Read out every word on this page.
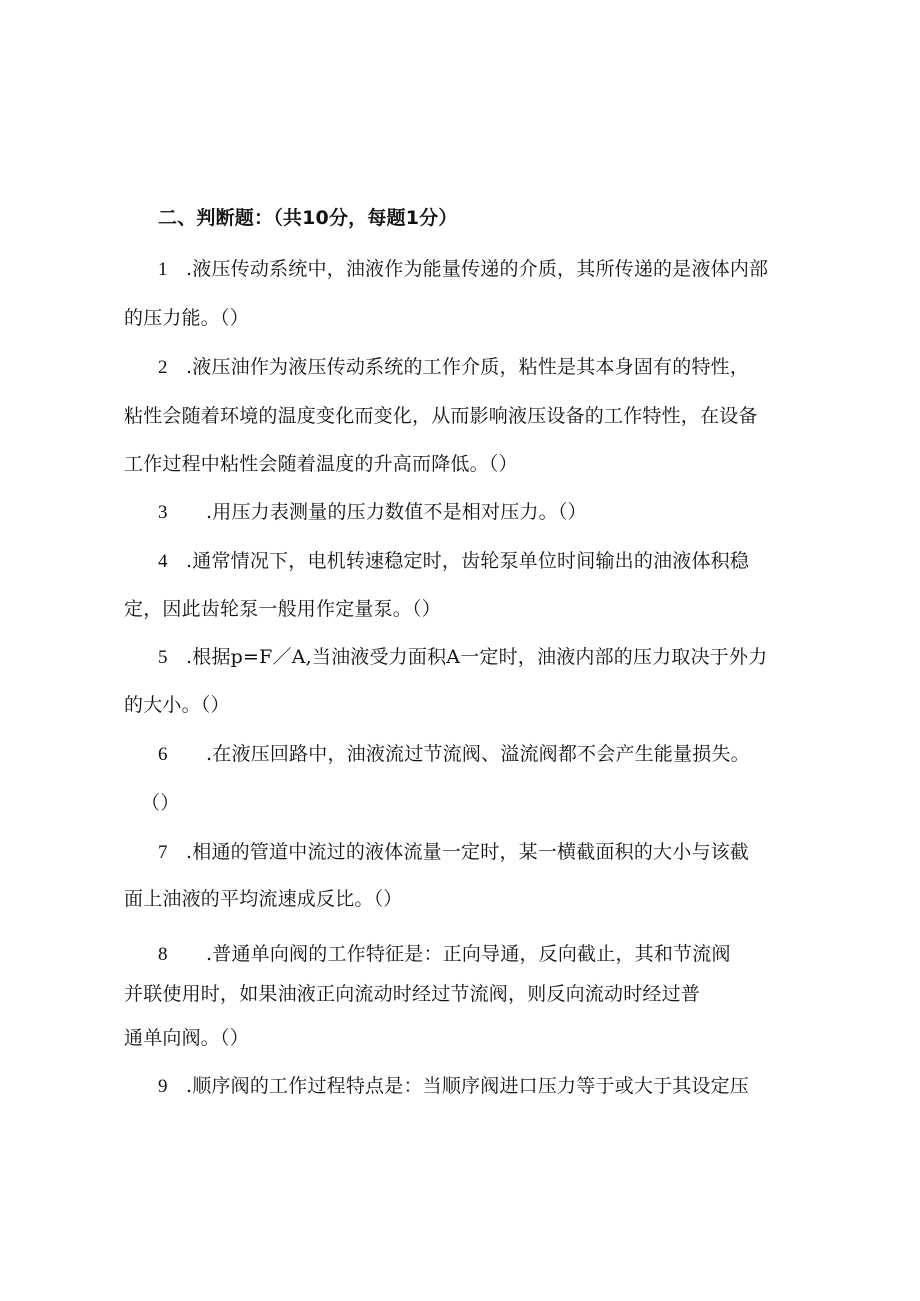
二、判断题：（共10分，每题1分）
1 .液压传动系统中，油液作为能量传递的介质，其所传递的是液体内部
的压力能。（）
2 .液压油作为液压传动系统的工作介质，粘性是其本身固有的特性，
粘性会随着环境的温度变化而变化，从而影响液压设备的工作特性，在设备
工作过程中粘性会随着温度的升高而降低。（）
3 .用压力表测量的压力数值不是相对压力。（）
4 .通常情况下，电机转速稳定时，齿轮泵单位时间输出的油液体积稳
定，因此齿轮泵一般用作定量泵。（）
5 .根据p=F／A,当油液受力面积A一定时，油液内部的压力取决于外力
的大小。（）
6 .在液压回路中，油液流过节流阀、溢流阀都不会产生能量损失。
（）
7 .相通的管道中流过的液体流量一定时，某一横截面积的大小与该截
面上油液的平均流速成反比。（）
8 .普通单向阀的工作特征是：正向导通，反向截止，其和节流阀
并联使用时，如果油液正向流动时经过节流阀，则反向流动时经过普
通单向阀。（）
9 .顺序阀的工作过程特点是：当顺序阀进口压力等于或大于其设定压
